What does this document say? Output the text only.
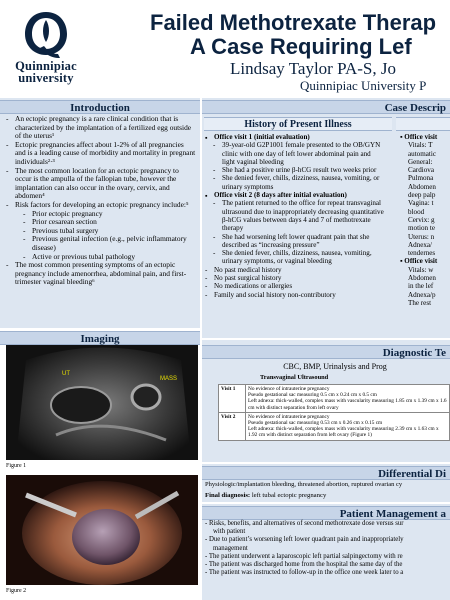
Quinnipiac
university
Failed Methotrexate Therap
A Case Requiring Lef
Lindsay Taylor PA-S, Jo
Quinnipiac University P
Introduction
- An ectopic pregnancy is a rare clinical condition that is characterized by the implantation of a fertilized egg outside of the uterus¹
- Ectopic pregnancies affect about 1-2% of all pregnancies and is a leading cause of morbidity and mortality in pregnant individuals²·³
- The most common location for an ectopic pregnancy to occur is the ampulla of the fallopian tube, however the implantation can also occur in the ovary, cervix, and abdomen⁴
- Risk factors for developing an ectopic pregnancy include:⁵
- Prior ectopic pregnancy
- Prior cesarean section
- Previous tubal surgery
- Previous genital infection (e.g., pelvic inflammatory disease)
- Active or previous tubal pathology
- The most common presenting symptoms of an ectopic pregnancy include amenorrhea, abdominal pain, and first-trimester vaginal bleeding⁶
Case Descrip
History of Present Illness
▪ Office visit 1 (initial evaluation)
- 39-year-old G2P1001 female presented to the OB/GYN clinic with one day of left lower abdominal pain and light vaginal bleeding
- She had a positive urine β-hCG result two weeks prior
- She denied fever, chills, dizziness, nausea, vomiting, or urinary symptoms
▪ Office visit 2 (8 days after initial evaluation)
- The patient returned to the office for repeat transvaginal ultrasound due to inappropriately decreasing quantitative β-hCG values between days 4 and 7 of methotrexate therapy
- She had worsening left lower quadrant pain that she described as “increasing pressure”
- She denied fever, chills, dizziness, nausea, vomiting, urinary symptoms, or vaginal bleeding
- No past medical history
- No past surgical history
- No medications or allergies
- Family and social history non-contributory
▪ Office visit
Vitals: T
automatic
General:
Cardiova
Pulmona
Abdomen
deep palp
Vagina: t
blood
Cervix: g
motion te
Uterus: n
Adnexa/
tendernes
▪ Office visit
Vitals: w
Abdomen
in the lef
Adnexa/p
The rest
Imaging
UT
MASS
Figure 1
Figure 2
Diagnostic Te
CBC, BMP, Urinalysis and Prog
Transvaginal Ultrasound
Visit 1	No evidence of intrauterine pregnancy
Pseudo gestational sac measuring 0.5 cm x 0.24 cm x 0.5 cm
Left adnexa: thick-walled, complex mass with vascularity measuring 1.85 cm x 1.39 cm x 1.6 cm with distinct separation from left ovary

Visit 2	No evidence of intrauterine pregnancy
Pseudo gestational sac measuring 0.53 cm x 0.26 cm x 0.15 cm
Left adnexa: thick-walled, complex mass with vascularity measuring 2.39 cm x 1.63 cm x 1.92 cm with distinct separation from left ovary (Figure 1)
Differential Di
Physiologic/implantation bleeding, threatened abortion, ruptured ovarian cy
Final diagnosis: left tubal ectopic pregnancy
Patient Management a
- Risks, benefits, and alternatives of second methotrexate dose versus sur
with patient
- Due to patient’s worsening left lower quadrant pain and inappropriately
management
- The patient underwent a laparoscopic left partial salpingectomy with re
- The patient was discharged home from the hospital the same day of the
- The patient was instructed to follow-up in the office one week later to a
